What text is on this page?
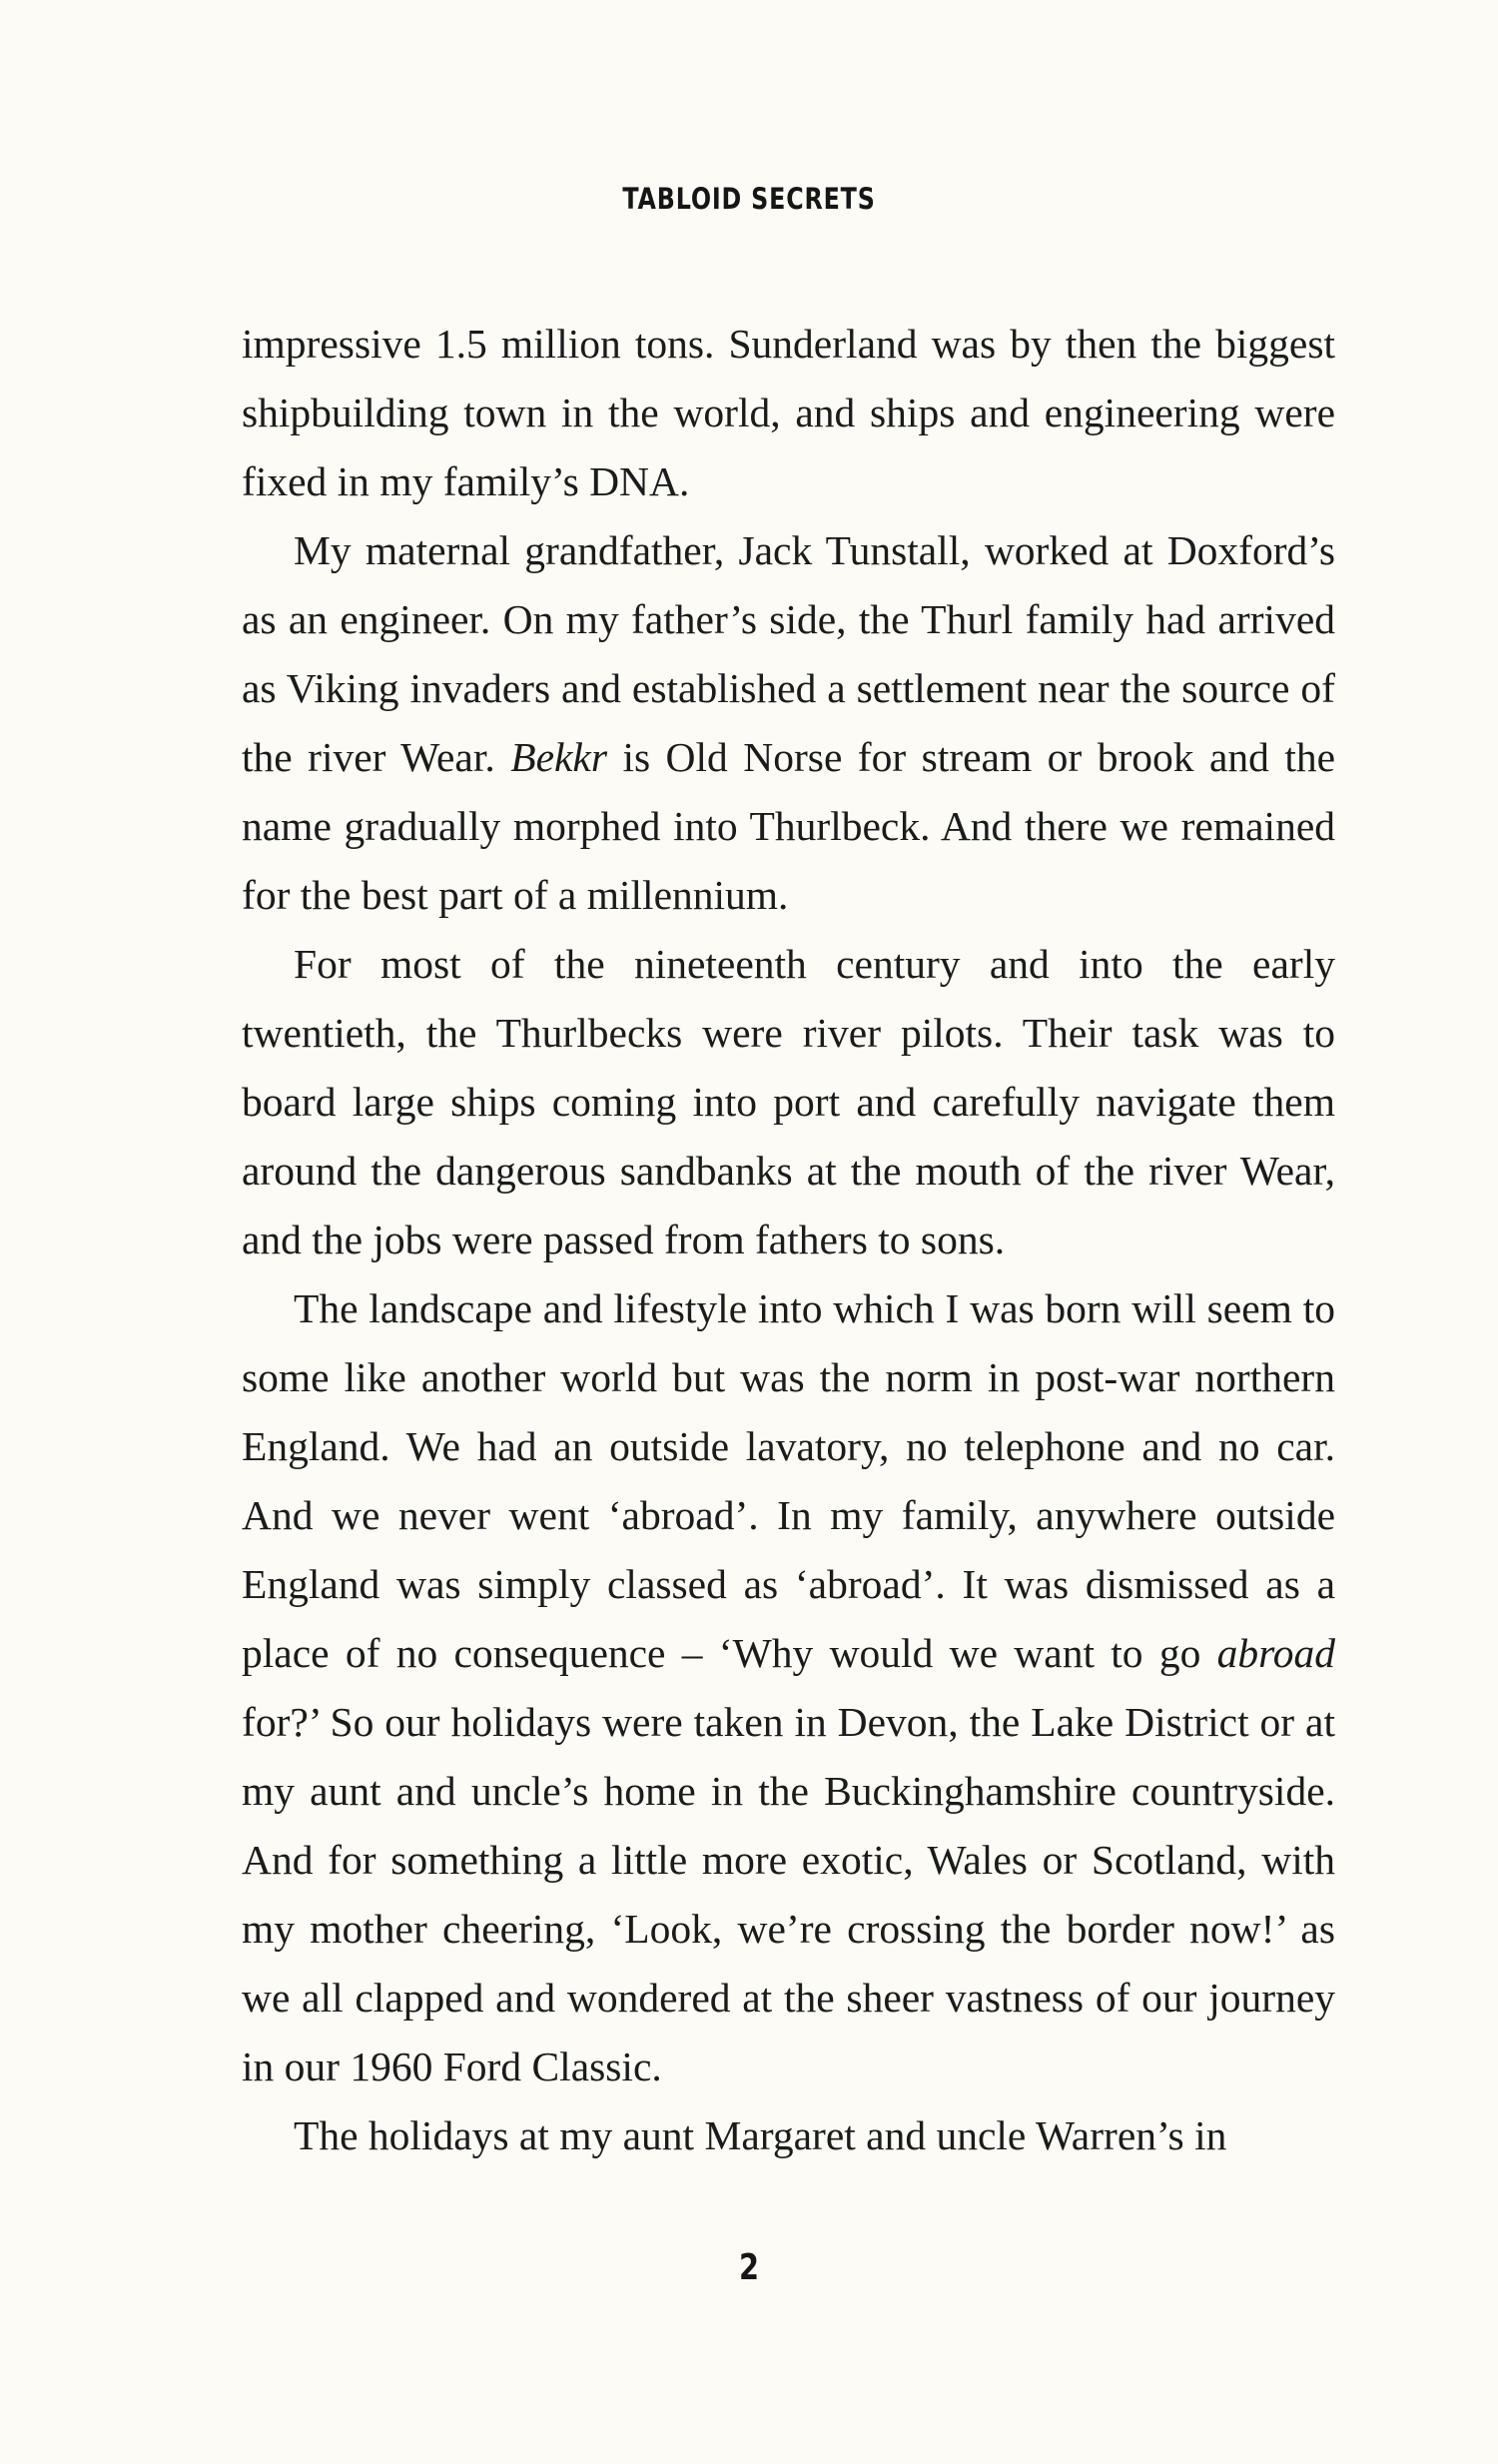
TABLOID SECRETS

impressive 1.5 million tons. Sunderland was by then the biggest shipbuilding town in the world, and ships and engineering were fixed in my family’s DNA.

My maternal grandfather, Jack Tunstall, worked at Doxford’s as an engineer. On my father’s side, the Thurl family had arrived as Viking invaders and established a settlement near the source of the river Wear. Bekkr is Old Norse for stream or brook and the name gradually morphed into Thurlbeck. And there we remained for the best part of a millennium.

For most of the nineteenth century and into the early twentieth, the Thurlbecks were river pilots. Their task was to board large ships coming into port and carefully navigate them around the dangerous sandbanks at the mouth of the river Wear, and the jobs were passed from fathers to sons.

The landscape and lifestyle into which I was born will seem to some like another world but was the norm in post-war northern England. We had an outside lavatory, no telephone and no car. And we never went ‘abroad’. In my family, anywhere outside England was simply classed as ‘abroad’. It was dismissed as a place of no consequence – ‘Why would we want to go abroad for?’ So our holidays were taken in Devon, the Lake District or at my aunt and uncle’s home in the Buckinghamshire countryside. And for something a little more exotic, Wales or Scotland, with my mother cheering, ‘Look, we’re crossing the border now!’ as we all clapped and wondered at the sheer vastness of our journey in our 1960 Ford Classic.

The holidays at my aunt Margaret and uncle Warren’s in

2
